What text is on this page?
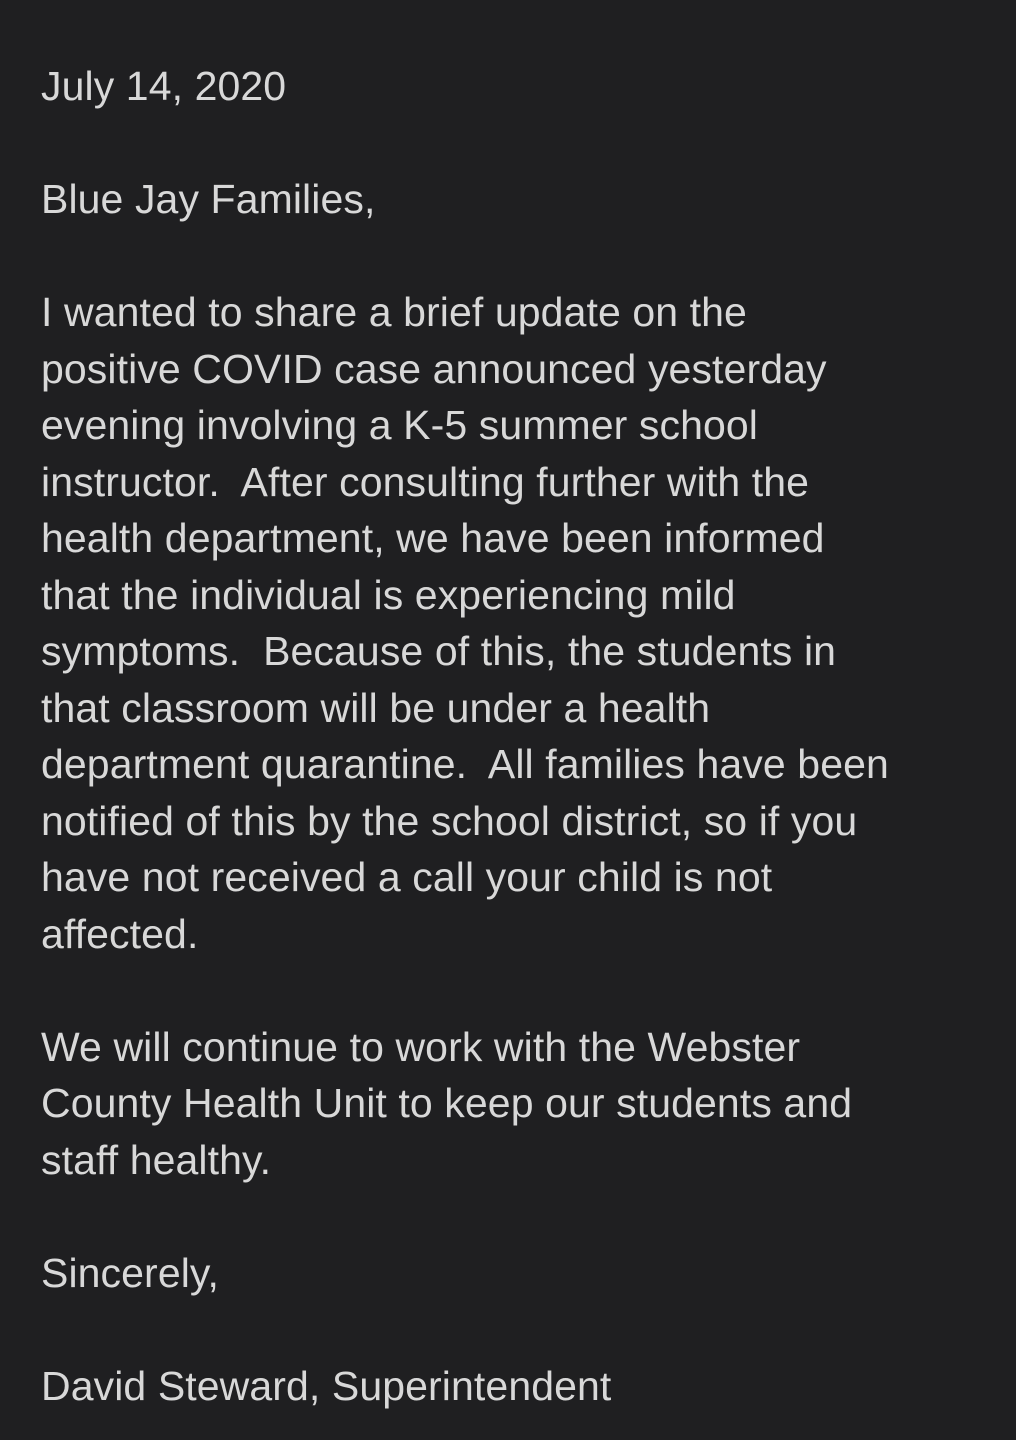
July 14, 2020
Blue Jay Families,
I wanted to share a brief update on the
positive COVID case announced yesterday
evening involving a K-5 summer school
instructor.  After consulting further with the
health department, we have been informed
that the individual is experiencing mild
symptoms.  Because of this, the students in
that classroom will be under a health
department quarantine.  All families have been
notified of this by the school district, so if you
have not received a call your child is not
affected.
We will continue to work with the Webster
County Health Unit to keep our students and
staff healthy.
Sincerely,
David Steward, Superintendent
